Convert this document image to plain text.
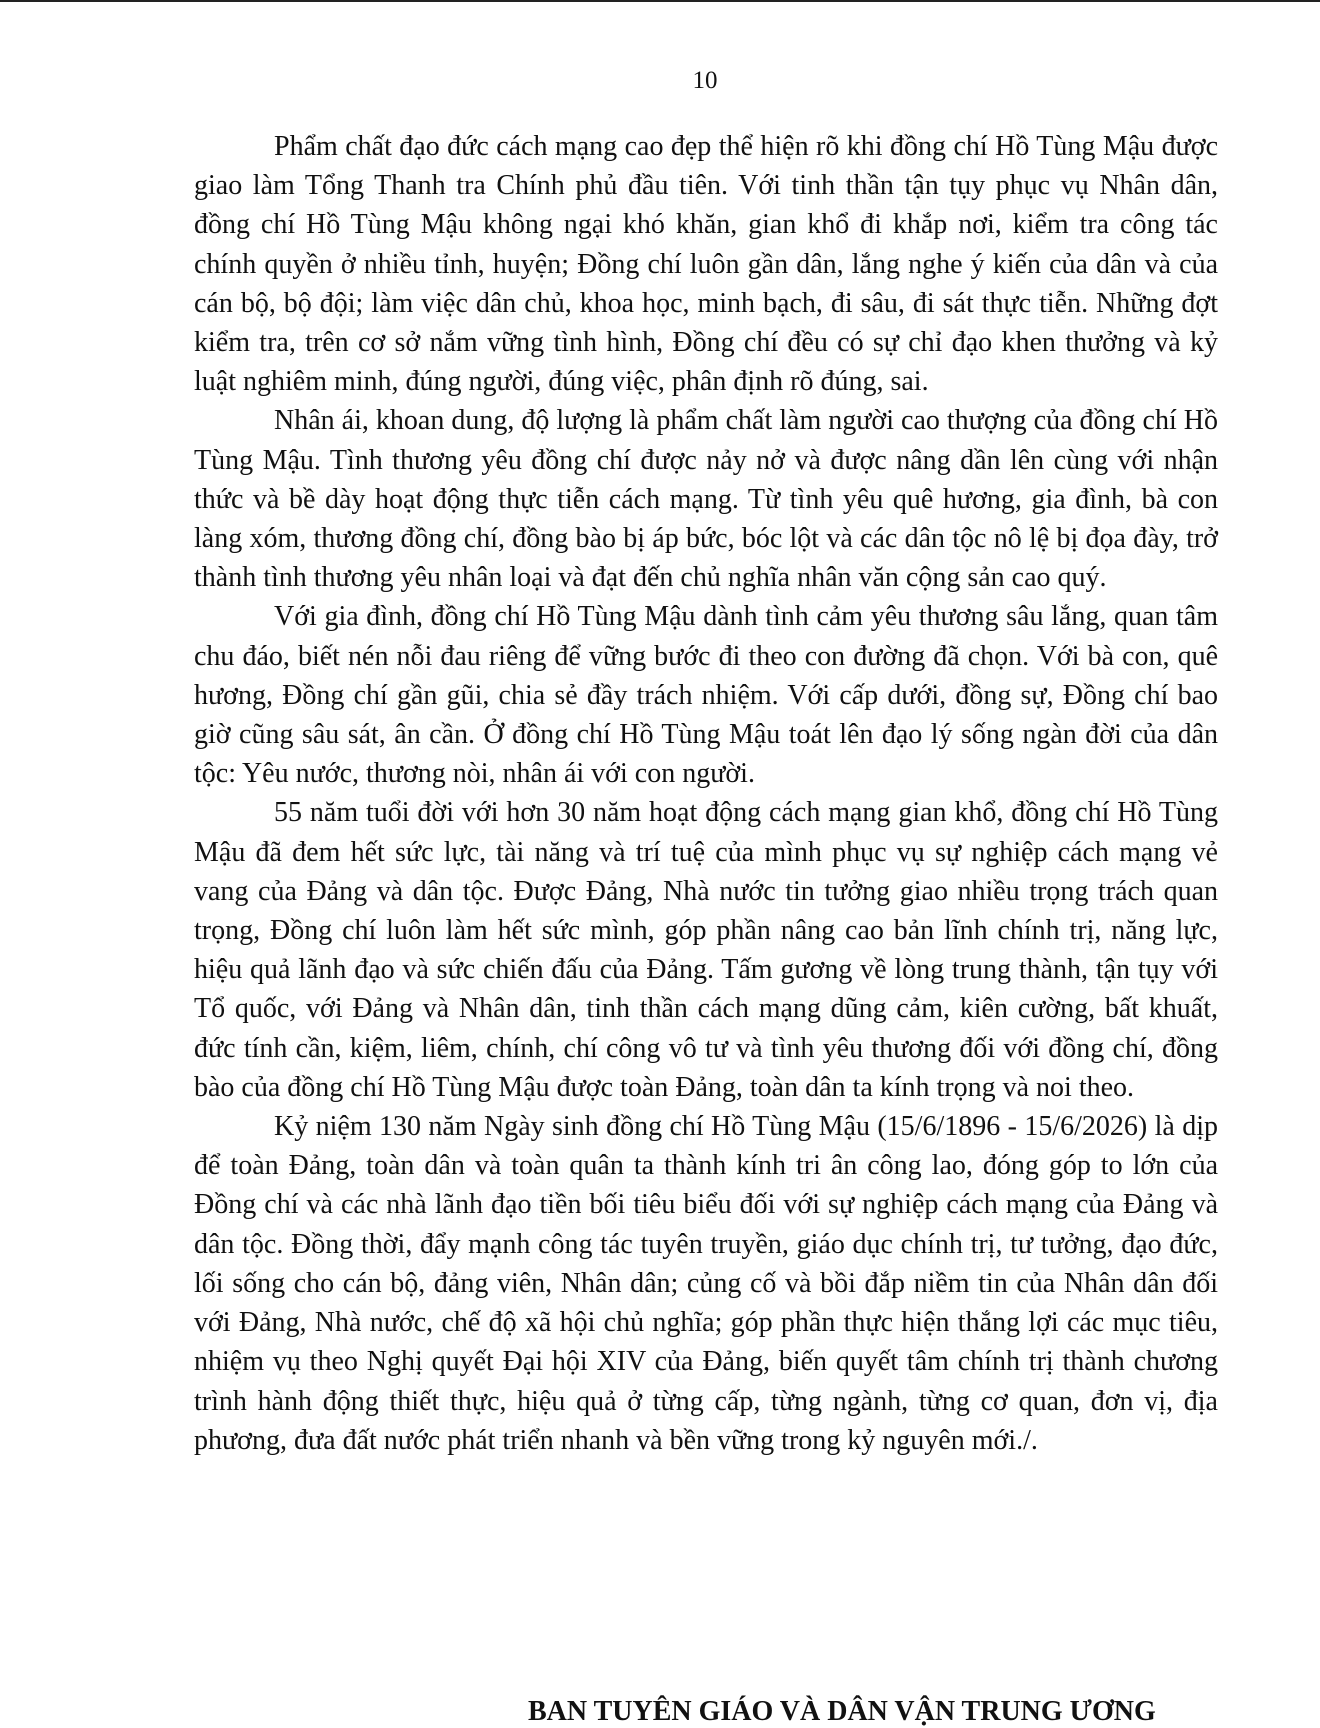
10

Phẩm chất đạo đức cách mạng cao đẹp thể hiện rõ khi đồng chí Hồ Tùng Mậu được giao làm Tổng Thanh tra Chính phủ đầu tiên. Với tinh thần tận tụy phục vụ Nhân dân, đồng chí Hồ Tùng Mậu không ngại khó khăn, gian khổ đi khắp nơi, kiểm tra công tác chính quyền ở nhiều tỉnh, huyện; Đồng chí luôn gần dân, lắng nghe ý kiến của dân và của cán bộ, bộ đội; làm việc dân chủ, khoa học, minh bạch, đi sâu, đi sát thực tiễn. Những đợt kiểm tra, trên cơ sở nắm vững tình hình, Đồng chí đều có sự chỉ đạo khen thưởng và kỷ luật nghiêm minh, đúng người, đúng việc, phân định rõ đúng, sai.

Nhân ái, khoan dung, độ lượng là phẩm chất làm người cao thượng của đồng chí Hồ Tùng Mậu. Tình thương yêu đồng chí được nảy nở và được nâng dần lên cùng với nhận thức và bề dày hoạt động thực tiễn cách mạng. Từ tình yêu quê hương, gia đình, bà con làng xóm, thương đồng chí, đồng bào bị áp bức, bóc lột và các dân tộc nô lệ bị đọa đày, trở thành tình thương yêu nhân loại và đạt đến chủ nghĩa nhân văn cộng sản cao quý.

Với gia đình, đồng chí Hồ Tùng Mậu dành tình cảm yêu thương sâu lắng, quan tâm chu đáo, biết nén nỗi đau riêng để vững bước đi theo con đường đã chọn. Với bà con, quê hương, Đồng chí gần gũi, chia sẻ đầy trách nhiệm. Với cấp dưới, đồng sự, Đồng chí bao giờ cũng sâu sát, ân cần. Ở đồng chí Hồ Tùng Mậu toát lên đạo lý sống ngàn đời của dân tộc: Yêu nước, thương nòi, nhân ái với con người.

55 năm tuổi đời với hơn 30 năm hoạt động cách mạng gian khổ, đồng chí Hồ Tùng Mậu đã đem hết sức lực, tài năng và trí tuệ của mình phục vụ sự nghiệp cách mạng vẻ vang của Đảng và dân tộc. Được Đảng, Nhà nước tin tưởng giao nhiều trọng trách quan trọng, Đồng chí luôn làm hết sức mình, góp phần nâng cao bản lĩnh chính trị, năng lực, hiệu quả lãnh đạo và sức chiến đấu của Đảng. Tấm gương về lòng trung thành, tận tụy với Tổ quốc, với Đảng và Nhân dân, tinh thần cách mạng dũng cảm, kiên cường, bất khuất, đức tính cần, kiệm, liêm, chính, chí công vô tư và tình yêu thương đối với đồng chí, đồng bào của đồng chí Hồ Tùng Mậu được toàn Đảng, toàn dân ta kính trọng và noi theo.

Kỷ niệm 130 năm Ngày sinh đồng chí Hồ Tùng Mậu (15/6/1896 - 15/6/2026) là dịp để toàn Đảng, toàn dân và toàn quân ta thành kính tri ân công lao, đóng góp to lớn của Đồng chí và các nhà lãnh đạo tiền bối tiêu biểu đối với sự nghiệp cách mạng của Đảng và dân tộc. Đồng thời, đẩy mạnh công tác tuyên truyền, giáo dục chính trị, tư tưởng, đạo đức, lối sống cho cán bộ, đảng viên, Nhân dân; củng cố và bồi đắp niềm tin của Nhân dân đối với Đảng, Nhà nước, chế độ xã hội chủ nghĩa; góp phần thực hiện thắng lợi các mục tiêu, nhiệm vụ theo Nghị quyết Đại hội XIV của Đảng, biến quyết tâm chính trị thành chương trình hành động thiết thực, hiệu quả ở từng cấp, từng ngành, từng cơ quan, đơn vị, địa phương, đưa đất nước phát triển nhanh và bền vững trong kỷ nguyên mới./.

BAN TUYÊN GIÁO VÀ DÂN VẬN TRUNG ƯƠNG
